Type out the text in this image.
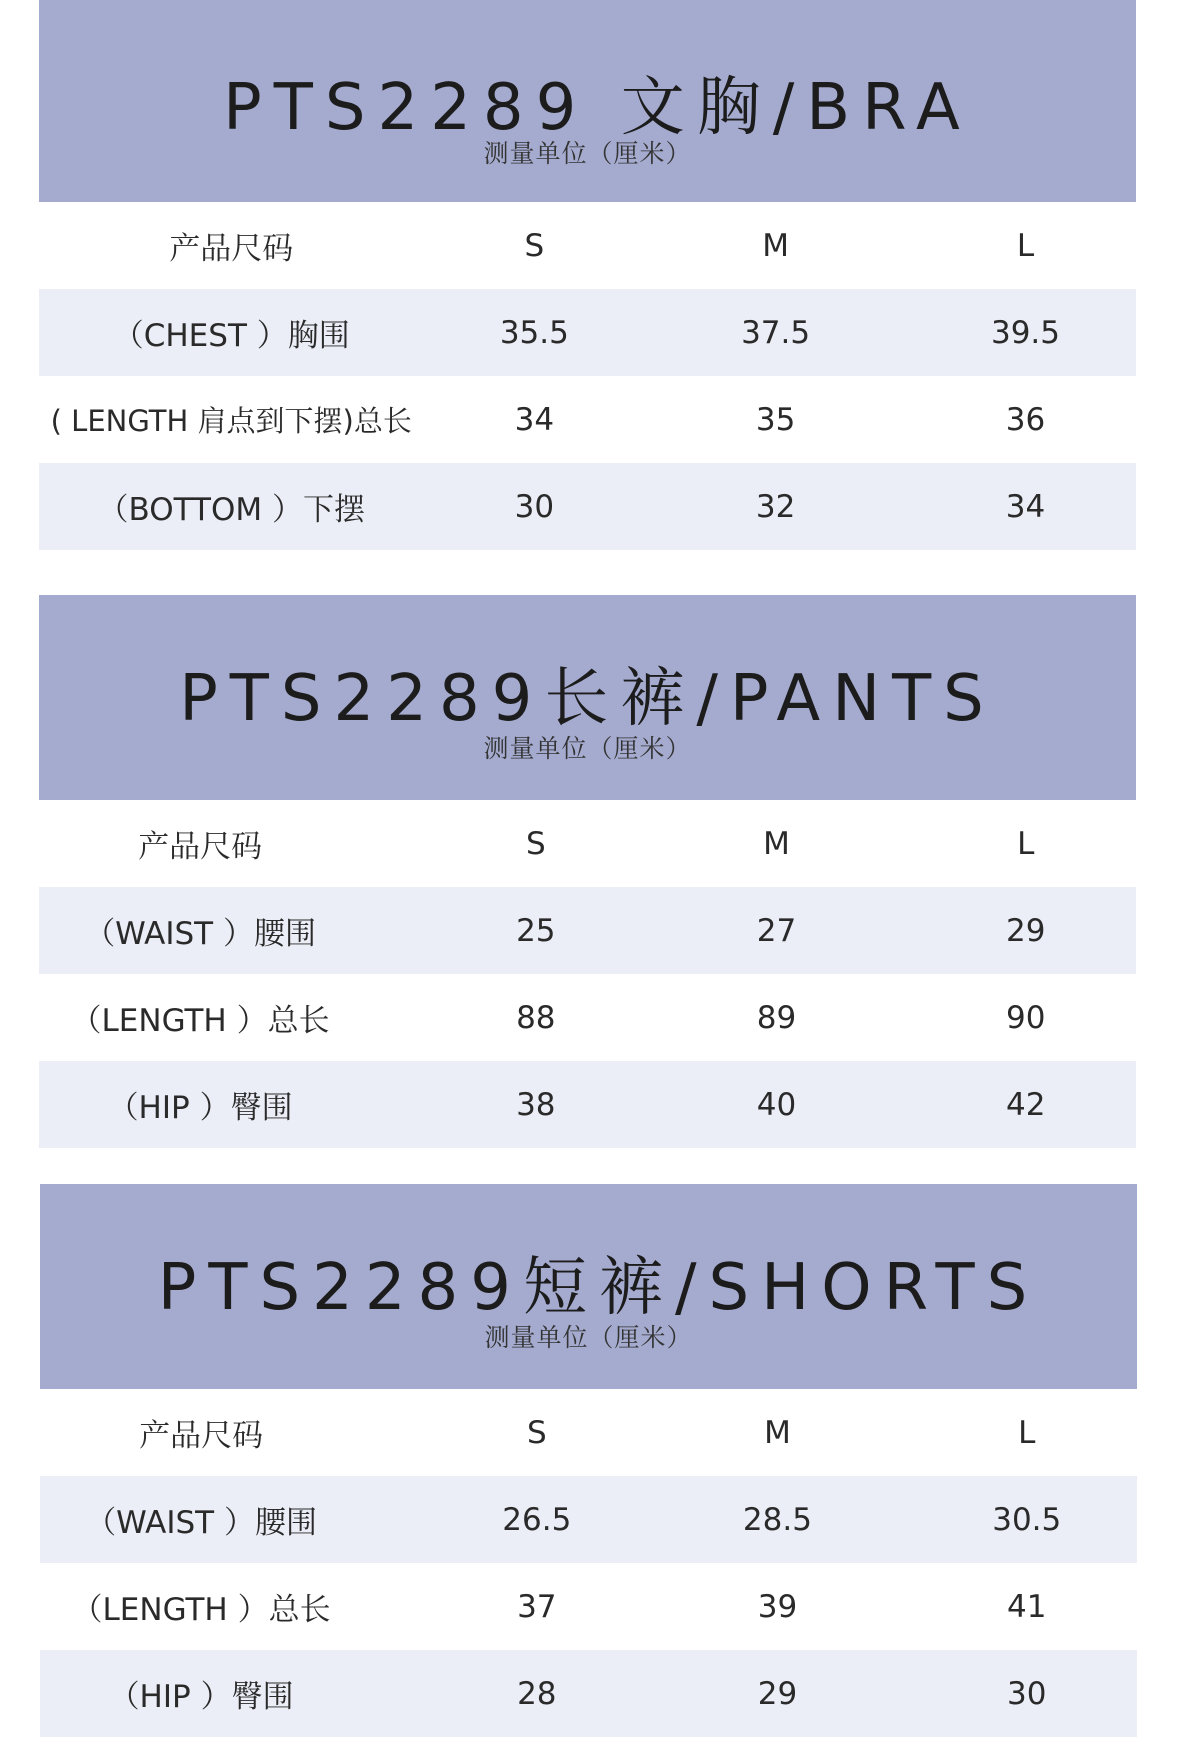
PTS2289 文胸/BRA
测量单位（厘米）
产品尺码	S	M	L
（CHEST ）胸围	35.5	37.5	39.5
( LENGTH 肩点到下摆)总长	34	35	36
（BOTTOM ）下摆	30	32	34
PTS2289长裤/PANTS
测量单位（厘米）
产品尺码	S	M	L
（WAIST ）腰围	25	27	29
（LENGTH ）总长	88	89	90
（HIP ）臀围	38	40	42
PTS2289短裤/SHORTS
测量单位（厘米）
产品尺码	S	M	L
（WAIST ）腰围	26.5	28.5	30.5
（LENGTH ）总长	37	39	41
（HIP ）臀围	28	29	30
